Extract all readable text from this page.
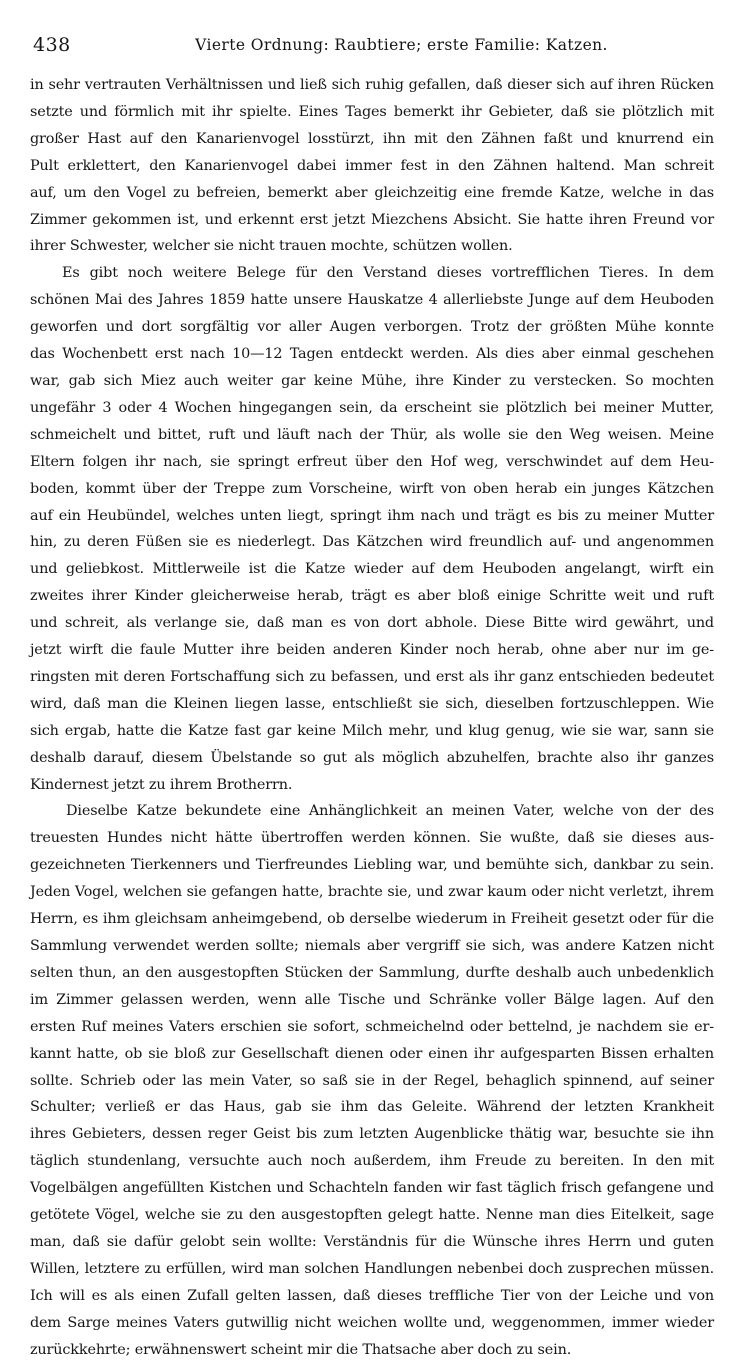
438	Vierte Ordnung: Raubtiere; erste Familie: Katzen.
in sehr vertrauten Verhältnissen und ließ sich ruhig gefallen, daß dieser sich auf ihren Rücken
setzte und förmlich mit ihr spielte. Eines Tages bemerkt ihr Gebieter, daß sie plötzlich mit
großer Hast auf den Kanarienvogel losstürzt, ihn mit den Zähnen faßt und knurrend ein
Pult erklettert, den Kanarienvogel dabei immer fest in den Zähnen haltend. Man schreit
auf, um den Vogel zu befreien, bemerkt aber gleichzeitig eine fremde Katze, welche in das
Zimmer gekommen ist, und erkennt erst jetzt Miezchens Absicht. Sie hatte ihren Freund vor
ihrer Schwester, welcher sie nicht trauen mochte, schützen wollen.
Es gibt noch weitere Belege für den Verstand dieses vortrefflichen Tieres. In dem
schönen Mai des Jahres 1859 hatte unsere Hauskatze 4 allerliebste Junge auf dem Heuboden
geworfen und dort sorgfältig vor aller Augen verborgen. Trotz der größten Mühe konnte
das Wochenbett erst nach 10—12 Tagen entdeckt werden. Als dies aber einmal geschehen
war, gab sich Miez auch weiter gar keine Mühe, ihre Kinder zu verstecken. So mochten
ungefähr 3 oder 4 Wochen hingegangen sein, da erscheint sie plötzlich bei meiner Mutter,
schmeichelt und bittet, ruft und läuft nach der Thür, als wolle sie den Weg weisen. Meine
Eltern folgen ihr nach, sie springt erfreut über den Hof weg, verschwindet auf dem Heu-
boden, kommt über der Treppe zum Vorscheine, wirft von oben herab ein junges Kätzchen
auf ein Heubündel, welches unten liegt, springt ihm nach und trägt es bis zu meiner Mutter
hin, zu deren Füßen sie es niederlegt. Das Kätzchen wird freundlich auf- und angenommen
und geliebkost. Mittlerweile ist die Katze wieder auf dem Heuboden angelangt, wirft ein
zweites ihrer Kinder gleicherweise herab, trägt es aber bloß einige Schritte weit und ruft
und schreit, als verlange sie, daß man es von dort abhole. Diese Bitte wird gewährt, und
jetzt wirft die faule Mutter ihre beiden anderen Kinder noch herab, ohne aber nur im ge-
ringsten mit deren Fortschaffung sich zu befassen, und erst als ihr ganz entschieden bedeutet
wird, daß man die Kleinen liegen lasse, entschließt sie sich, dieselben fortzuschleppen. Wie
sich ergab, hatte die Katze fast gar keine Milch mehr, und klug genug, wie sie war, sann sie
deshalb darauf, diesem Übelstande so gut als möglich abzuhelfen, brachte also ihr ganzes
Kindernest jetzt zu ihrem Brotherrn.
Dieselbe Katze bekundete eine Anhänglichkeit an meinen Vater, welche von der des
treuesten Hundes nicht hätte übertroffen werden können. Sie wußte, daß sie dieses aus-
gezeichneten Tierkenners und Tierfreundes Liebling war, und bemühte sich, dankbar zu sein.
Jeden Vogel, welchen sie gefangen hatte, brachte sie, und zwar kaum oder nicht verletzt, ihrem
Herrn, es ihm gleichsam anheimgebend, ob derselbe wiederum in Freiheit gesetzt oder für die
Sammlung verwendet werden sollte; niemals aber vergriff sie sich, was andere Katzen nicht
selten thun, an den ausgestopften Stücken der Sammlung, durfte deshalb auch unbedenklich
im Zimmer gelassen werden, wenn alle Tische und Schränke voller Bälge lagen. Auf den
ersten Ruf meines Vaters erschien sie sofort, schmeichelnd oder bettelnd, je nachdem sie er-
kannt hatte, ob sie bloß zur Gesellschaft dienen oder einen ihr aufgesparten Bissen erhalten
sollte. Schrieb oder las mein Vater, so saß sie in der Regel, behaglich spinnend, auf seiner
Schulter; verließ er das Haus, gab sie ihm das Geleite. Während der letzten Krankheit
ihres Gebieters, dessen reger Geist bis zum letzten Augenblicke thätig war, besuchte sie ihn
täglich stundenlang, versuchte auch noch außerdem, ihm Freude zu bereiten. In den mit
Vogelbälgen angefüllten Kistchen und Schachteln fanden wir fast täglich frisch gefangene und
getötete Vögel, welche sie zu den ausgestopften gelegt hatte. Nenne man dies Eitelkeit, sage
man, daß sie dafür gelobt sein wollte: Verständnis für die Wünsche ihres Herrn und guten
Willen, letztere zu erfüllen, wird man solchen Handlungen nebenbei doch zusprechen müssen.
Ich will es als einen Zufall gelten lassen, daß dieses treffliche Tier von der Leiche und von
dem Sarge meines Vaters gutwillig nicht weichen wollte und, weggenommen, immer wieder
zurückkehrte; erwähnenswert scheint mir die Thatsache aber doch zu sein.
